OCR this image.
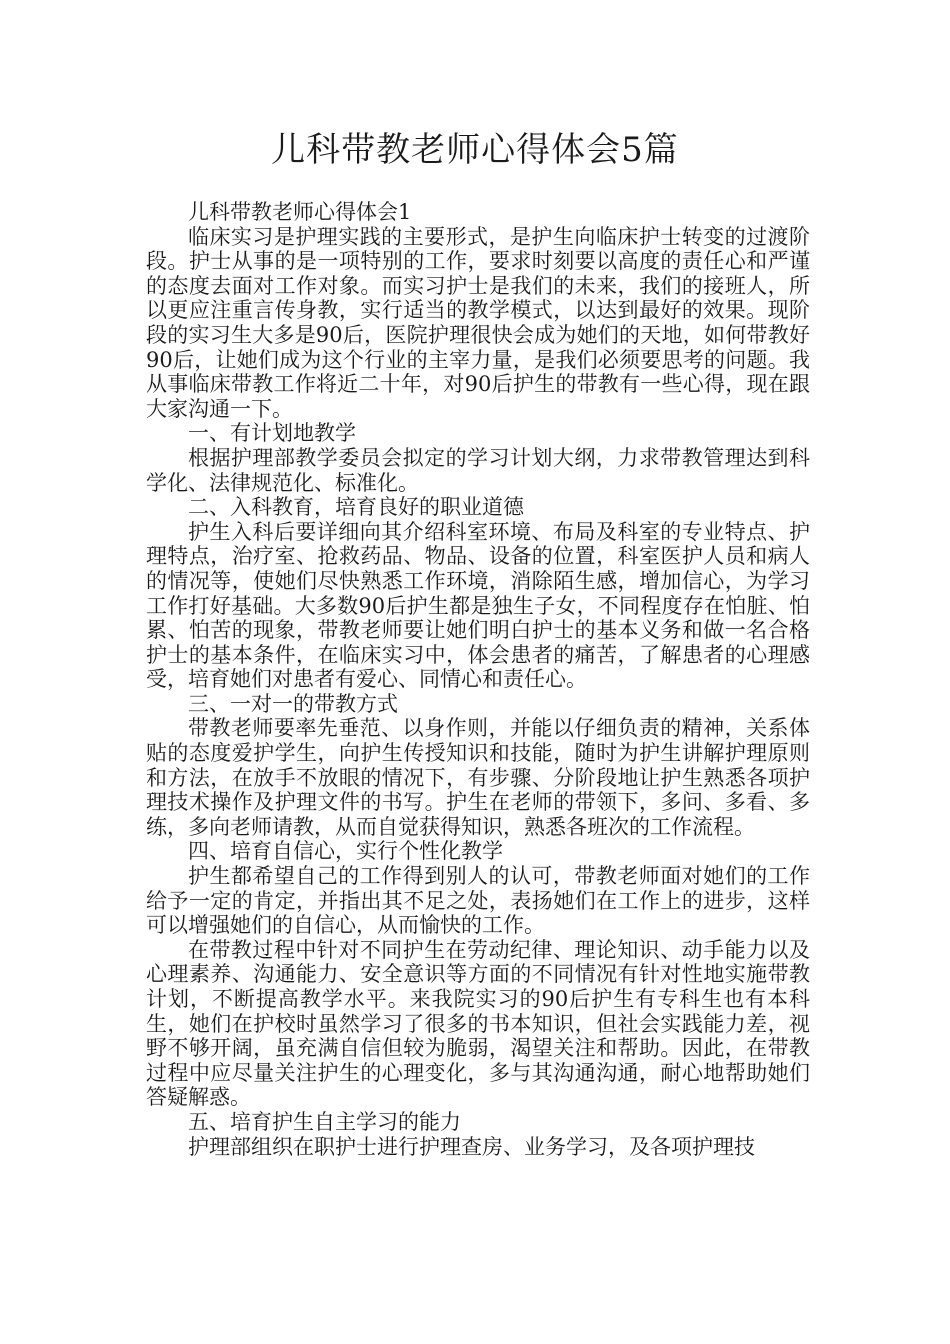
儿科带教老师心得体会5篇

儿科带教老师心得体会1

临床实习是护理实践的主要形式，是护生向临床护士转变的过渡阶段。护士从事的是一项特别的工作，要求时刻要以高度的责任心和严谨的态度去面对工作对象。而实习护士是我们的未来，我们的接班人，所以更应注重言传身教，实行适当的教学模式，以达到最好的效果。现阶段的实习生大多是90后，医院护理很快会成为她们的天地，如何带教好90后，让她们成为这个行业的主宰力量，是我们必须要思考的问题。我从事临床带教工作将近二十年，对90后护生的带教有一些心得，现在跟大家沟通一下。

一、有计划地教学

根据护理部教学委员会拟定的学习计划大纲，力求带教管理达到科学化、法律规范化、标准化。

二、入科教育，培育良好的职业道德

护生入科后要详细向其介绍科室环境、布局及科室的专业特点、护理特点，治疗室、抢救药品、物品、设备的位置，科室医护人员和病人的情况等，使她们尽快熟悉工作环境，消除陌生感，增加信心，为学习工作打好基础。大多数90后护生都是独生子女，不同程度存在怕脏、怕累、怕苦的现象，带教老师要让她们明白护士的基本义务和做一名合格护士的基本条件，在临床实习中，体会患者的痛苦，了解患者的心理感受，培育她们对患者有爱心、同情心和责任心。

三、一对一的带教方式

带教老师要率先垂范、以身作则，并能以仔细负责的精神，关系体贴的态度爱护学生，向护生传授知识和技能，随时为护生讲解护理原则和方法，在放手不放眼的情况下，有步骤、分阶段地让护生熟悉各项护理技术操作及护理文件的书写。护生在老师的带领下，多问、多看、多练，多向老师请教，从而自觉获得知识，熟悉各班次的工作流程。

四、培育自信心，实行个性化教学

护生都希望自己的工作得到别人的认可，带教老师面对她们的工作给予一定的肯定，并指出其不足之处，表扬她们在工作上的进步，这样可以增强她们的自信心，从而愉快的工作。

在带教过程中针对不同护生在劳动纪律、理论知识、动手能力以及心理素养、沟通能力、安全意识等方面的不同情况有针对性地实施带教计划，不断提高教学水平。来我院实习的90后护生有专科生也有本科生，她们在护校时虽然学习了很多的书本知识，但社会实践能力差，视野不够开阔，虽充满自信但较为脆弱，渴望关注和帮助。因此，在带教过程中应尽量关注护生的心理变化，多与其沟通沟通，耐心地帮助她们答疑解惑。

五、培育护生自主学习的能力

护理部组织在职护士进行护理查房、业务学习，及各项护理技
